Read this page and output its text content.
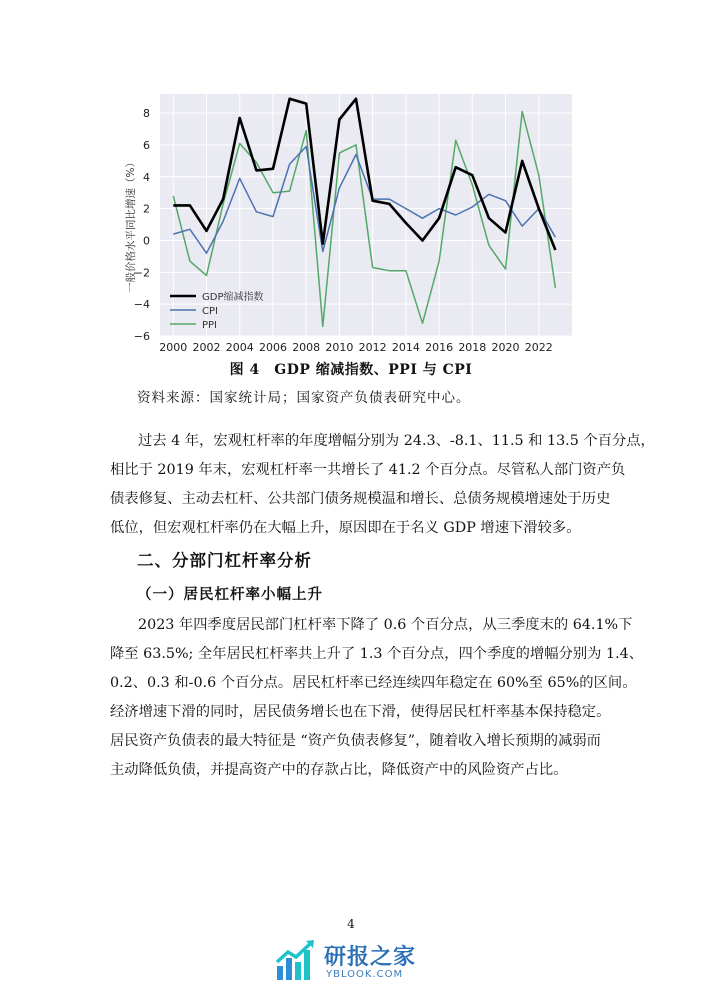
−6
−4
−2
0
2
4
6
8
2000 2002 2004 2006 2008 2010 2012 2014 2016 2018 2020 2022
一般价格水平同比增速（%）
GDP缩减指数
CPI
PPI
图 4　GDP 缩减指数、PPI 与 CPI
资料来源：国家统计局；国家资产负债表研究中心。
过去 4 年，宏观杠杆率的年度增幅分别为 24.3、-8.1、11.5 和 13.5 个百分点，
相比于 2019 年末，宏观杠杆率一共增长了 41.2 个百分点。尽管私人部门资产负
债表修复、主动去杠杆、公共部门债务规模温和增长、总债务规模增速处于历史
低位，但宏观杠杆率仍在大幅上升，原因即在于名义 GDP 增速下滑较多。
二、分部门杠杆率分析
（一）居民杠杆率小幅上升
2023 年四季度居民部门杠杆率下降了 0.6 个百分点，从三季度末的 64.1%下
降至 63.5%; 全年居民杠杆率共上升了 1.3 个百分点，四个季度的增幅分别为 1.4、
0.2、0.3 和-0.6 个百分点。居民杠杆率已经连续四年稳定在 60%至 65%的区间。
经济增速下滑的同时，居民债务增长也在下滑，使得居民杠杆率基本保持稳定。
居民资产负债表的最大特征是 “资产负债表修复”，随着收入增长预期的减弱而
主动降低负债，并提高资产中的存款占比，降低资产中的风险资产占比。
4
研报之家
YBLOOK.COM
